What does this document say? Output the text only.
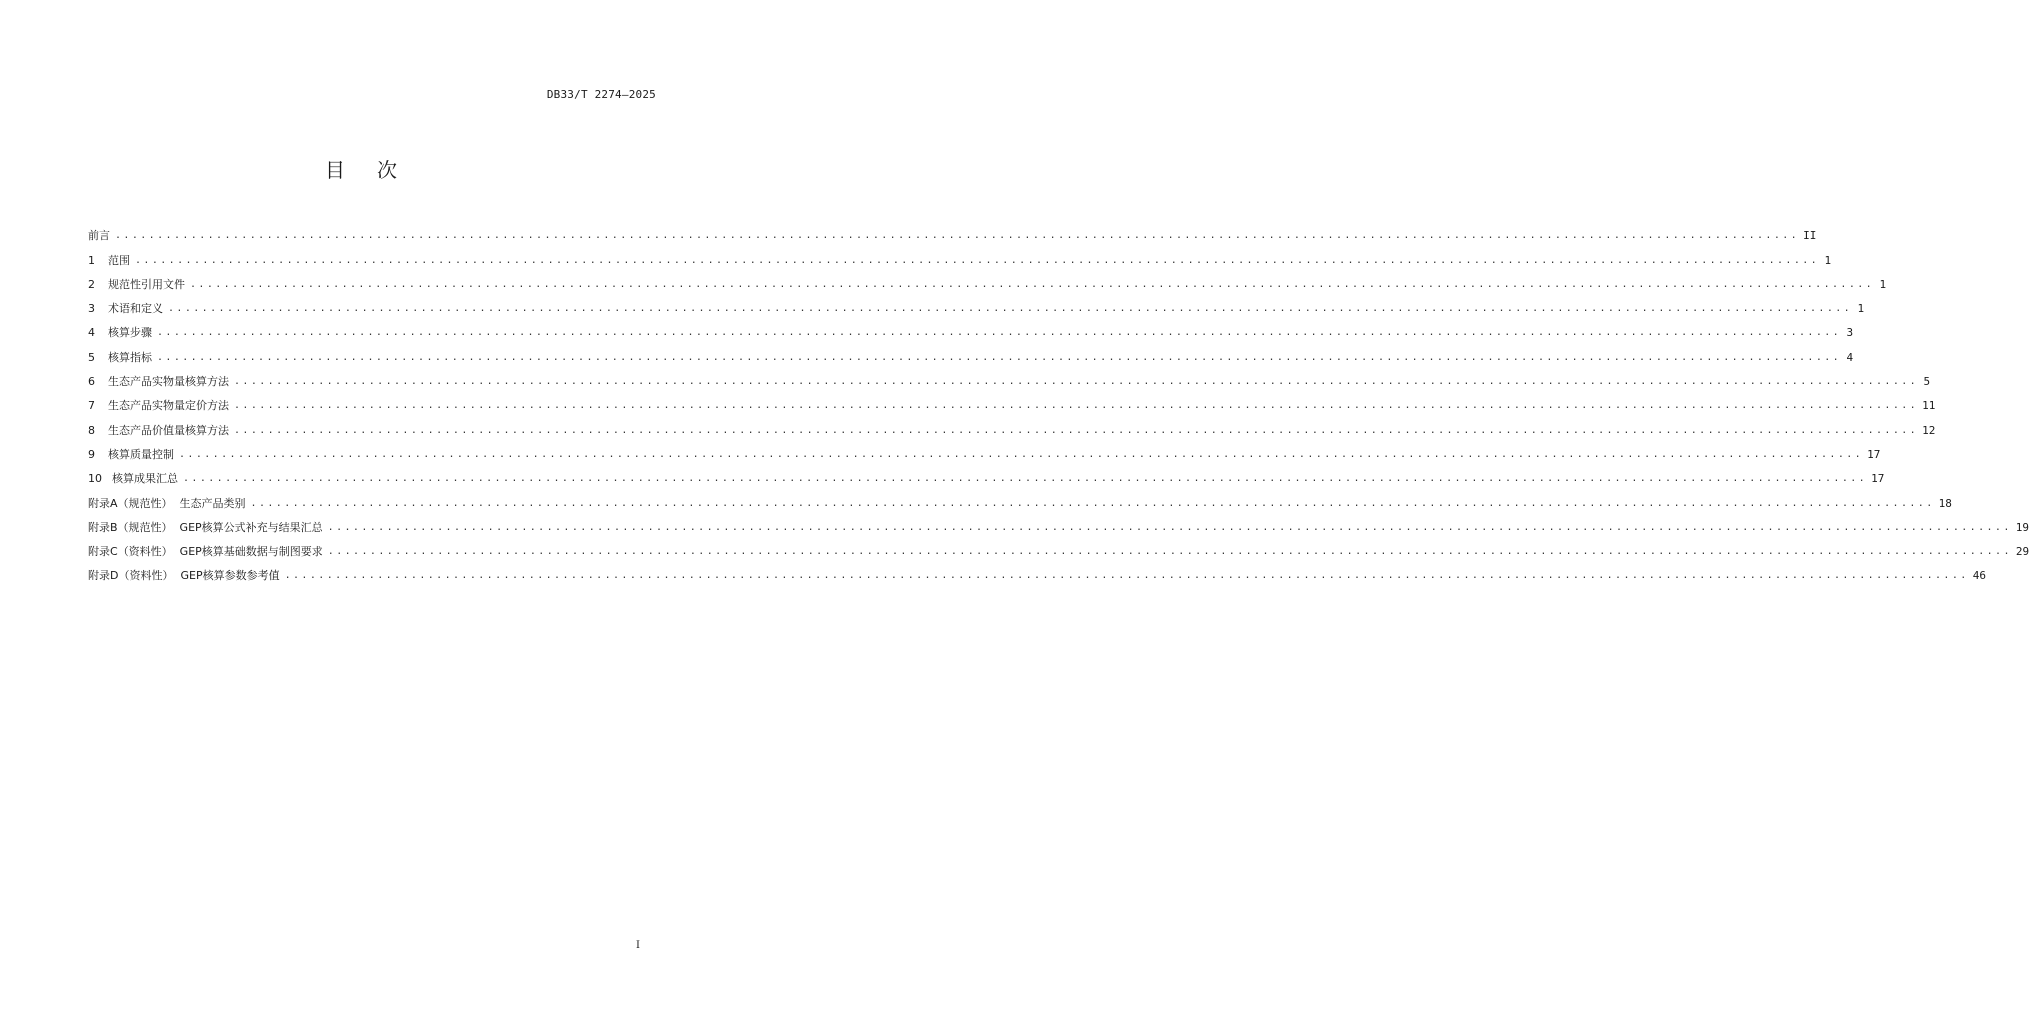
DB33/T 2274—2025
目 次
前言 ........................................................................................................................................................................................................ II
1 范围 ........................................................................................................................................................................................................ 1
2 规范性引用文件 ........................................................................................................................................................................................................ 1
3 术语和定义 ........................................................................................................................................................................................................ 1
4 核算步骤 ........................................................................................................................................................................................................ 3
5 核算指标 ........................................................................................................................................................................................................ 4
6 生态产品实物量核算方法 ........................................................................................................................................................................................................ 5
7 生态产品实物量定价方法 ........................................................................................................................................................................................................ 11
8 生态产品价值量核算方法 ........................................................................................................................................................................................................ 12
9 核算质量控制 ........................................................................................................................................................................................................ 17
10 核算成果汇总 ........................................................................................................................................................................................................ 17
附录A （规范性）  生态产品类别 ........................................................................................................................................................................................................ 18
附录B （规范性）  GEP核算公式补充与结果汇总 ........................................................................................................................................................................................................ 19
附录C （资料性）  GEP核算基础数据与制图要求 ........................................................................................................................................................................................................ 29
附录D （资料性）  GEP核算参数参考值 ........................................................................................................................................................................................................ 46
I
